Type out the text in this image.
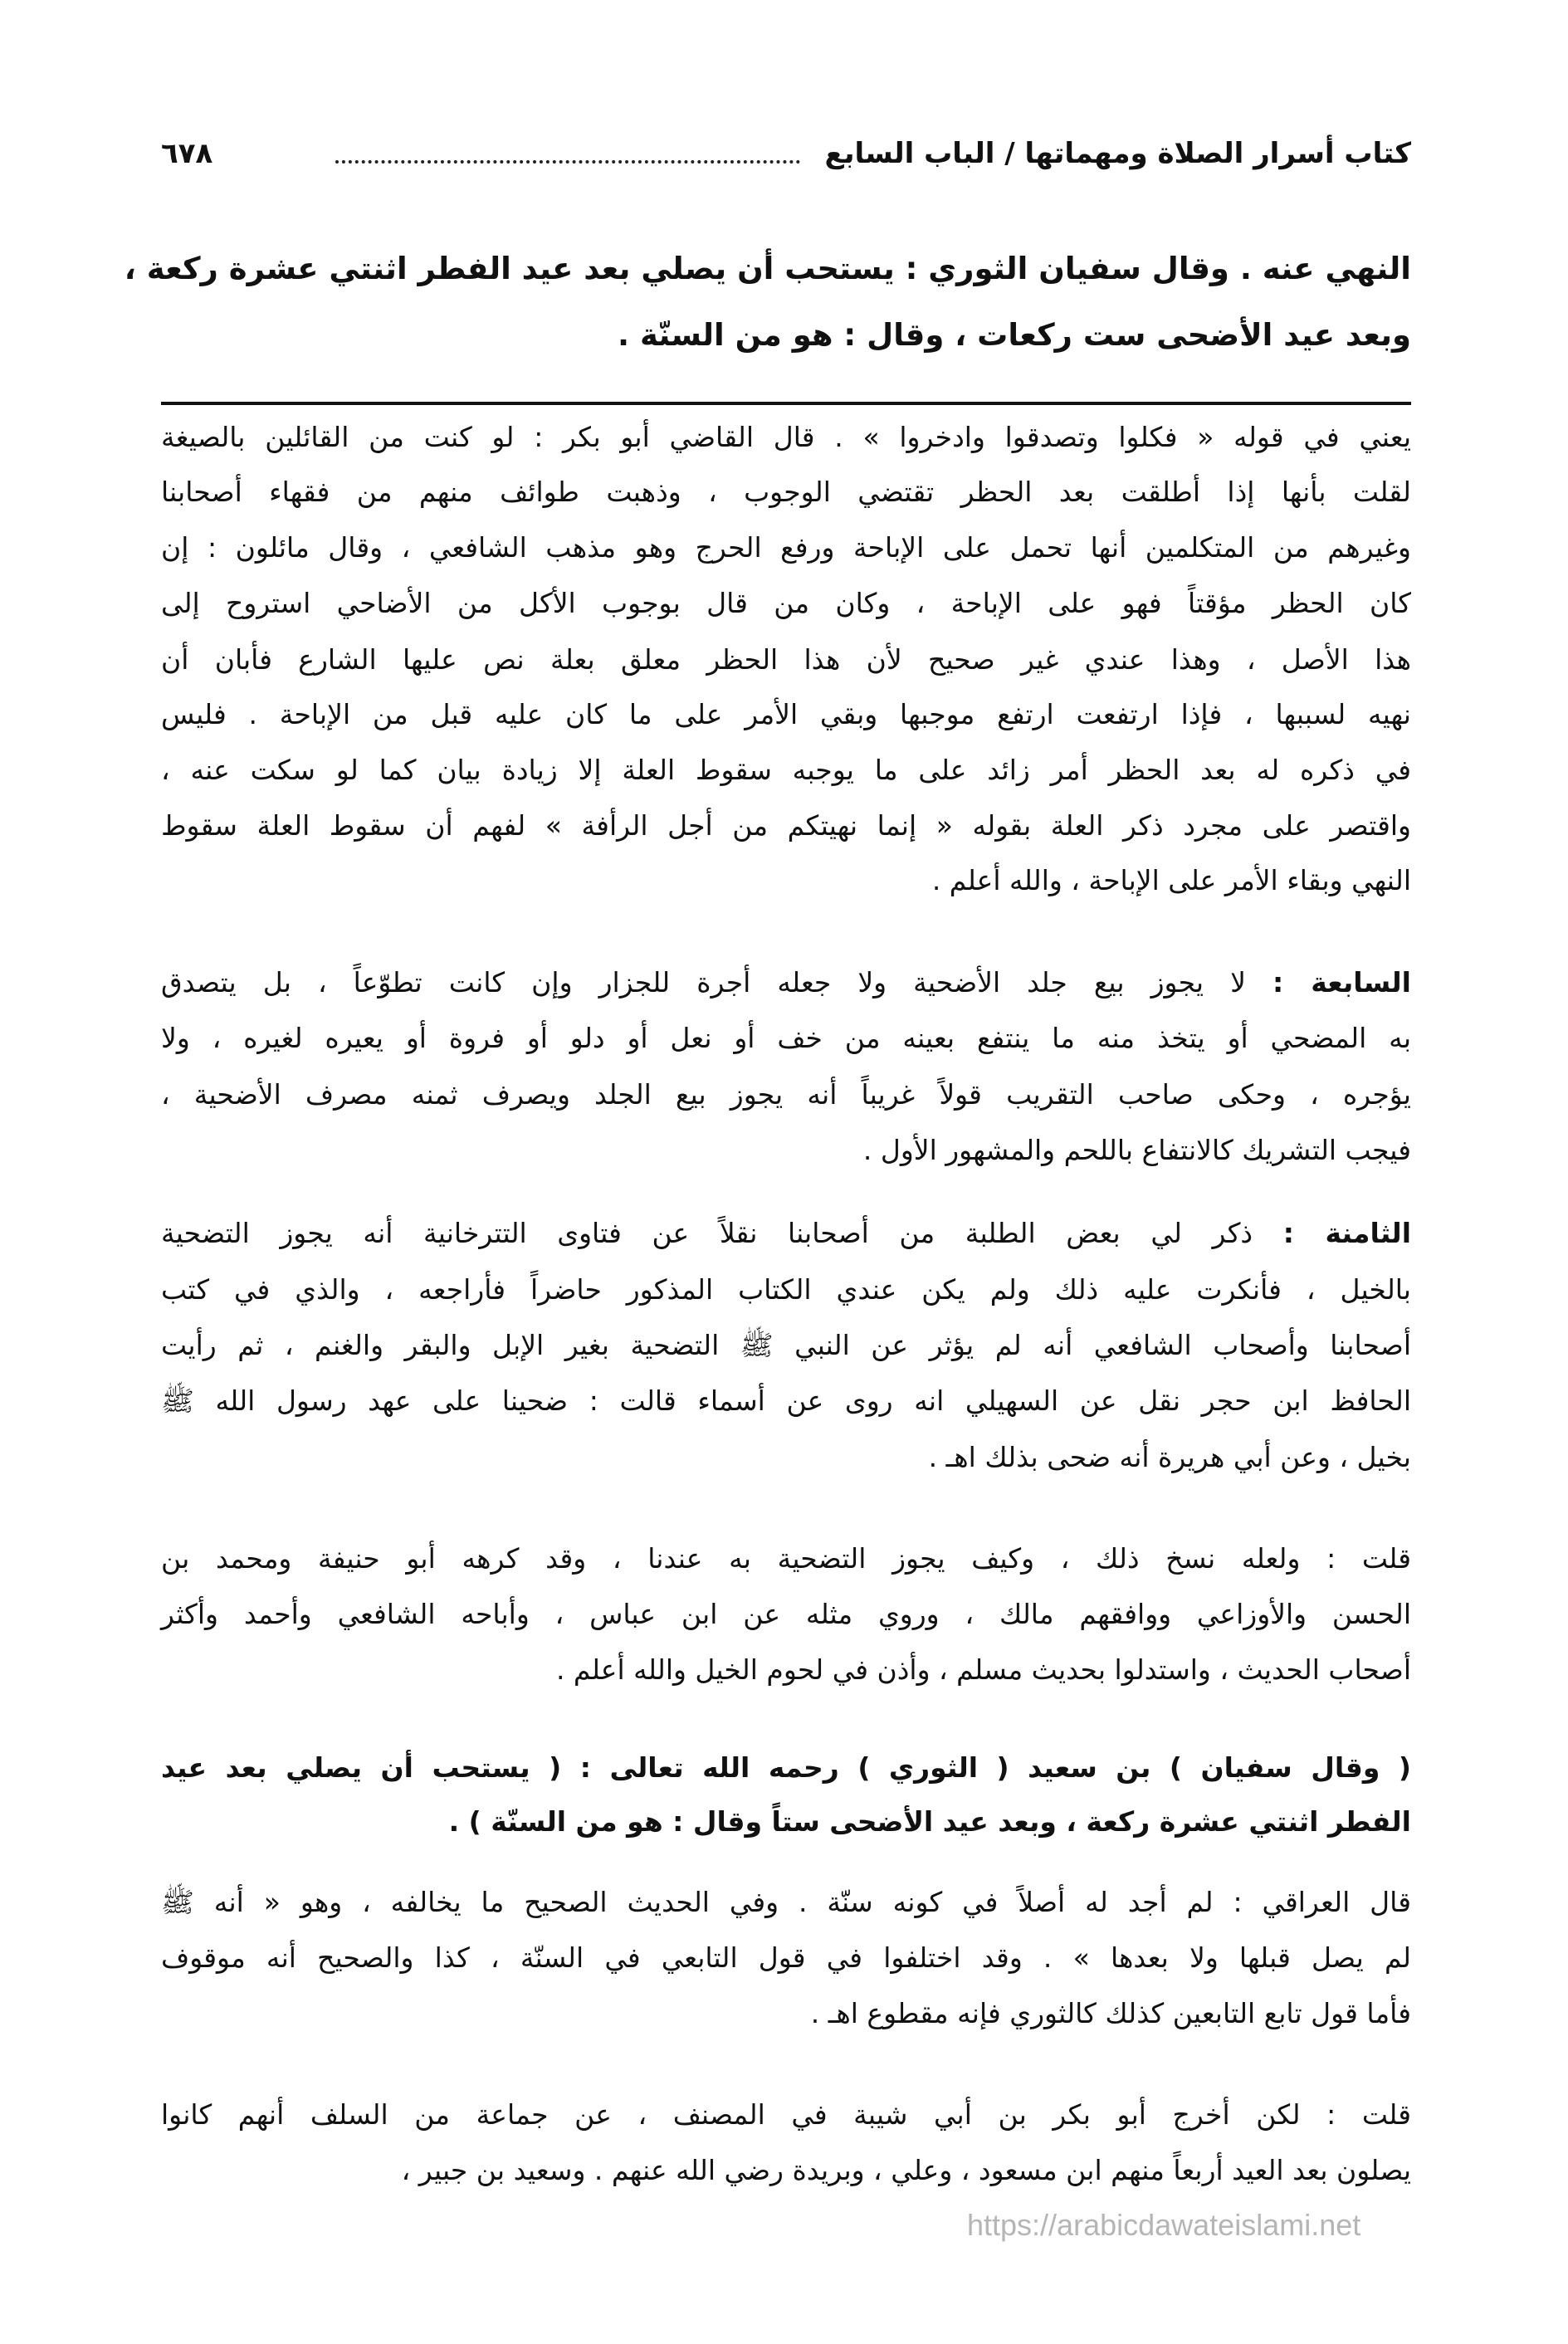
كتاب أسرار الصلاة ومهماتها / الباب السابع
٦٧٨
النهي عنه . وقال سفيان الثوري : يستحب أن يصلي بعد عيد الفطر اثنتي عشرة ركعة ،
وبعد عيد الأضحى ست ركعات ، وقال : هو من السنّة .
يعني في قوله « فكلوا وتصدقوا وادخروا » . قال القاضي أبو بكر : لو كنت من القائلين بالصيغة
لقلت بأنها إذا أطلقت بعد الحظر تقتضي الوجوب ، وذهبت طوائف منهم من فقهاء أصحابنا
وغيرهم من المتكلمين أنها تحمل على الإباحة ورفع الحرج وهو مذهب الشافعي ، وقال مائلون : إن
كان الحظر مؤقتاً فهو على الإباحة ، وكان من قال بوجوب الأكل من الأضاحي استروح إلى
هذا الأصل ، وهذا عندي غير صحيح لأن هذا الحظر معلق بعلة نص عليها الشارع فأبان أن
نهيه لسببها ، فإذا ارتفعت ارتفع موجبها وبقي الأمر على ما كان عليه قبل من الإباحة . فليس
في ذكره له بعد الحظر أمر زائد على ما يوجبه سقوط العلة إلا زيادة بيان كما لو سكت عنه ،
واقتصر على مجرد ذكر العلة بقوله « إنما نهيتكم من أجل الرأفة » لفهم أن سقوط العلة سقوط
النهي وبقاء الأمر على الإباحة ، والله أعلم .
السابعة : لا يجوز بيع جلد الأضحية ولا جعله أجرة للجزار وإن كانت تطوّعاً ، بل يتصدق
به المضحي أو يتخذ منه ما ينتفع بعينه من خف أو نعل أو دلو أو فروة أو يعيره لغيره ، ولا
يؤجره ، وحكى صاحب التقريب قولاً غريباً أنه يجوز بيع الجلد ويصرف ثمنه مصرف الأضحية ،
فيجب التشريك كالانتفاع باللحم والمشهور الأول .
الثامنة : ذكر لي بعض الطلبة من أصحابنا نقلاً عن فتاوى التترخانية أنه يجوز التضحية
بالخيل ، فأنكرت عليه ذلك ولم يكن عندي الكتاب المذكور حاضراً فأراجعه ، والذي في كتب
أصحابنا وأصحاب الشافعي أنه لم يؤثر عن النبي ﷺ التضحية بغير الإبل والبقر والغنم ، ثم رأيت
الحافظ ابن حجر نقل عن السهيلي انه روى عن أسماء قالت : ضحينا على عهد رسول الله ﷺ
بخيل ، وعن أبي هريرة أنه ضحى بذلك اهـ .
قلت : ولعله نسخ ذلك ، وكيف يجوز التضحية به عندنا ، وقد كرهه أبو حنيفة ومحمد بن
الحسن والأوزاعي ووافقهم مالك ، وروي مثله عن ابن عباس ، وأباحه الشافعي وأحمد وأكثر
أصحاب الحديث ، واستدلوا بحديث مسلم ، وأذن في لحوم الخيل والله أعلم .
( وقال سفيان ) بن سعيد ( الثوري ) رحمه الله تعالى : ( يستحب أن يصلي بعد عيد
الفطر اثنتي عشرة ركعة ، وبعد عيد الأضحى ستاً وقال : هو من السنّة ) .
قال العراقي : لم أجد له أصلاً في كونه سنّة . وفي الحديث الصحيح ما يخالفه ، وهو « أنه ﷺ
لم يصل قبلها ولا بعدها » . وقد اختلفوا في قول التابعي في السنّة ، كذا والصحيح أنه موقوف
فأما قول تابع التابعين كذلك كالثوري فإنه مقطوع اهـ .
قلت : لكن أخرج أبو بكر بن أبي شيبة في المصنف ، عن جماعة من السلف أنهم كانوا
يصلون بعد العيد أربعاً منهم ابن مسعود ، وعلي ، وبريدة رضي الله عنهم . وسعيد بن جبير ،
https://arabicdawateislami.net
